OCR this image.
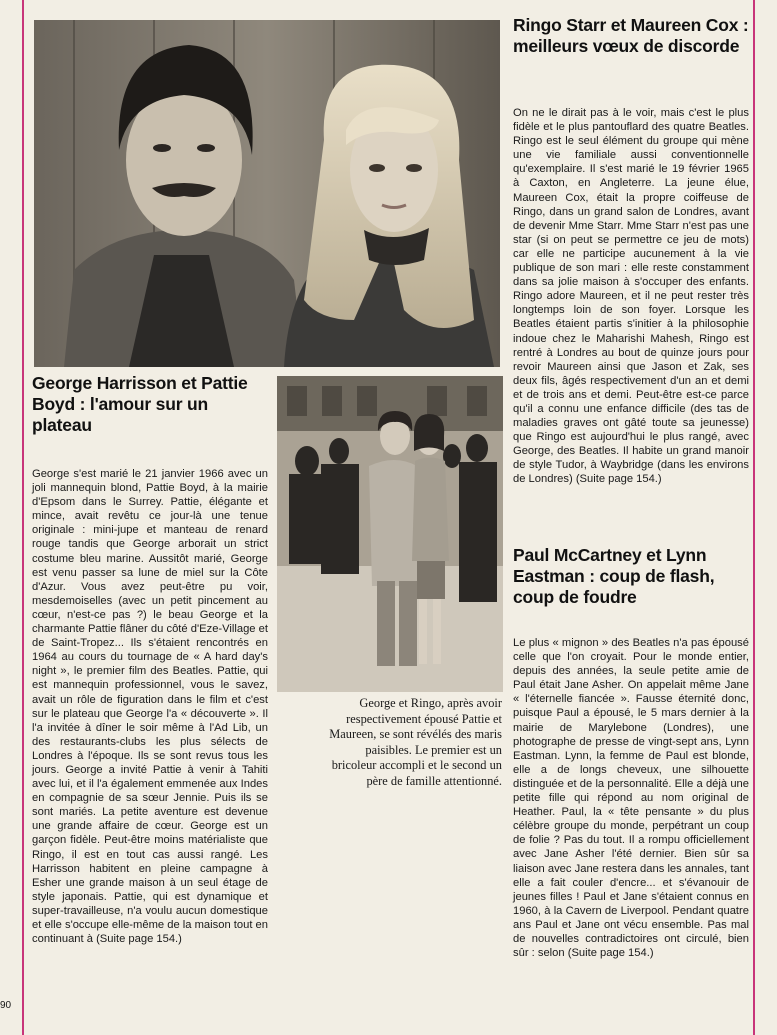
George Harrisson et Pattie Boyd : l'amour sur un plateau

George s'est marié le 21 janvier 1966 avec un joli mannequin blond, Pattie Boyd, à la mairie d'Epsom dans le Surrey. Pattie, élégante et mince, avait revêtu ce jour-là une tenue originale : mini-jupe et manteau de renard rouge tandis que George arborait un strict costume bleu marine. Aussitôt marié, George est venu passer sa lune de miel sur la Côte d'Azur. Vous avez peut-être pu voir, mesdemoiselles (avec un petit pincement au cœur, n'est-ce pas ?) le beau George et la charmante Pattie flâner du côté d'Eze-Village et de Saint-Tropez... Ils s'étaient rencontrés en 1964 au cours du tournage de « A hard day's night », le premier film des Beatles. Pattie, qui est mannequin professionnel, vous le savez, avait un rôle de figuration dans le film et c'est sur le plateau que George l'a « découverte ». Il l'a invitée à dîner le soir même à l'Ad Lib, un des restaurants-clubs les plus sélects de Londres à l'époque. Ils se sont revus tous les jours. George a invité Pattie à venir à Tahiti avec lui, et il l'a également emmenée aux Indes en compagnie de sa sœur Jennie. Puis ils se sont mariés. La petite aventure est devenue une grande affaire de cœur. George est un garçon fidèle. Peut-être moins matérialiste que Ringo, il est en tout cas aussi rangé. Les Harrisson habitent en pleine campagne à Esher une grande maison à un seul étage de style japonais. Pattie, qui est dynamique et super-travailleuse, n'a voulu aucun domestique et elle s'occupe elle-même de la maison tout en continuant à (Suite page 154.)

George et Ringo, après avoir respectivement épousé Pattie et Maureen, se sont révélés des maris paisibles. Le premier est un bricoleur accompli et le second un père de famille attentionné.

Ringo Starr et Maureen Cox : meilleurs vœux de discorde

On ne le dirait pas à le voir, mais c'est le plus fidèle et le plus pantouflard des quatre Beatles. Ringo est le seul élément du groupe qui mène une vie familiale aussi conventionnelle qu'exemplaire. Il s'est marié le 19 février 1965 à Caxton, en Angleterre. La jeune élue, Maureen Cox, était la propre coiffeuse de Ringo, dans un grand salon de Londres, avant de devenir Mme Starr. Mme Starr n'est pas une star (si on peut se permettre ce jeu de mots) car elle ne participe aucunement à la vie publique de son mari : elle reste constamment dans sa jolie maison à s'occuper des enfants. Ringo adore Maureen, et il ne peut rester très longtemps loin de son foyer. Lorsque les Beatles étaient partis s'initier à la philosophie indoue chez le Maharishi Mahesh, Ringo est rentré à Londres au bout de quinze jours pour revoir Maureen ainsi que Jason et Zak, ses deux fils, âgés respectivement d'un an et demi et de trois ans et demi. Peut-être est-ce parce qu'il a connu une enfance difficile (des tas de maladies graves ont gâté toute sa jeunesse) que Ringo est aujourd'hui le plus rangé, avec George, des Beatles. Il habite un grand manoir de style Tudor, à Waybridge (dans les environs de Londres) (Suite page 154.)

Paul McCartney et Lynn Eastman : coup de flash, coup de foudre

Le plus « mignon » des Beatles n'a pas épousé celle que l'on croyait. Pour le monde entier, depuis des années, la seule petite amie de Paul était Jane Asher. On appelait même Jane « l'éternelle fiancée ». Fausse éternité donc, puisque Paul a épousé, le 5 mars dernier à la mairie de Marylebone (Londres), une photographe de presse de vingt-sept ans, Lynn Eastman. Lynn, la femme de Paul est blonde, elle a de longs cheveux, une silhouette distinguée et de la personnalité. Elle a déjà une petite fille qui répond au nom original de Heather. Paul, la « tête pensante » du plus célèbre groupe du monde, perpétrant un coup de folie ? Pas du tout. Il a rompu officiellement avec Jane Asher l'été dernier. Bien sûr sa liaison avec Jane restera dans les annales, tant elle a fait couler d'encre... et s'évanouir de jeunes filles ! Paul et Jane s'étaient connus en 1960, à la Cavern de Liverpool. Pendant quatre ans Paul et Jane ont vécu ensemble. Pas mal de nouvelles contradictoires ont circulé, bien sûr : selon (Suite page 154.)

90
